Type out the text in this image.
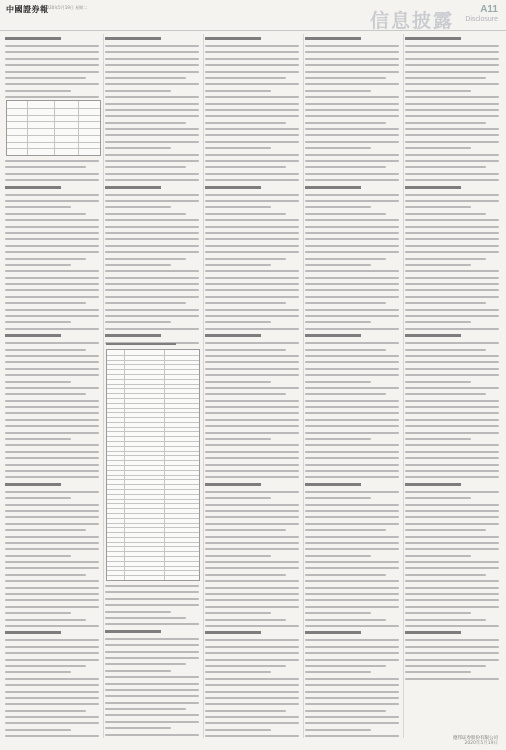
中國證券報
2020年5月19日 星期二
信息披露
A11
Disclosure
德邦证券股份有限公司
2020年5月19日
